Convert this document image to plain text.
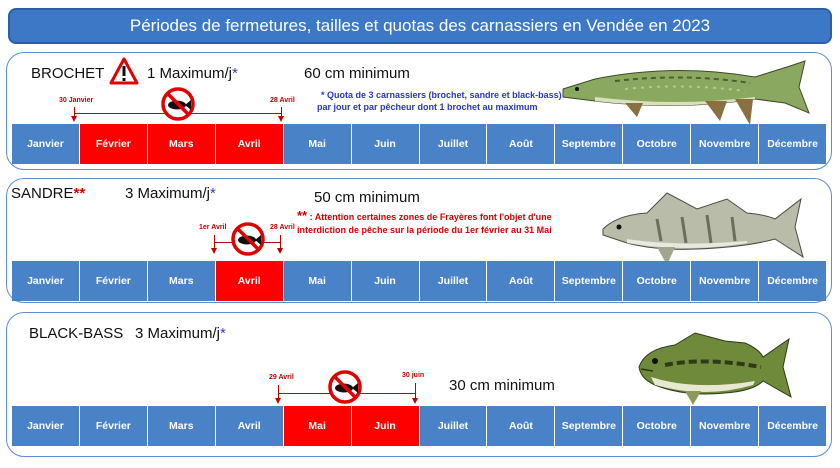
Périodes de fermetures, tailles et quotas des carnassiers en Vendée en 2023
BROCHET	1 Maximum/j*	60 cm minimum
* Quota de 3 carnassiers (brochet, sandre et black-bass)
par jour et par pêcheur dont 1 brochet au maximum
30 Janvier	28 Avril
Janvier	Février	Mars	Avril	Mai	Juin	Juillet	Août	Septembre	Octobre	Novembre	Décembre
SANDRE**	3 Maximum/j*	50 cm minimum
** : Attention certaines zones de Frayères font l'objet d'une
interdiction de pêche sur la période du 1er février au 31 Mai
1er Avril	28 Avril
Janvier	Février	Mars	Avril	Mai	Juin	Juillet	Août	Septembre	Octobre	Novembre	Décembre
BLACK-BASS 3 Maximum/j*
30 cm minimum
29 Avril	30 juin
Janvier	Février	Mars	Avril	Mai	Juin	Juillet	Août	Septembre	Octobre	Novembre	Décembre
